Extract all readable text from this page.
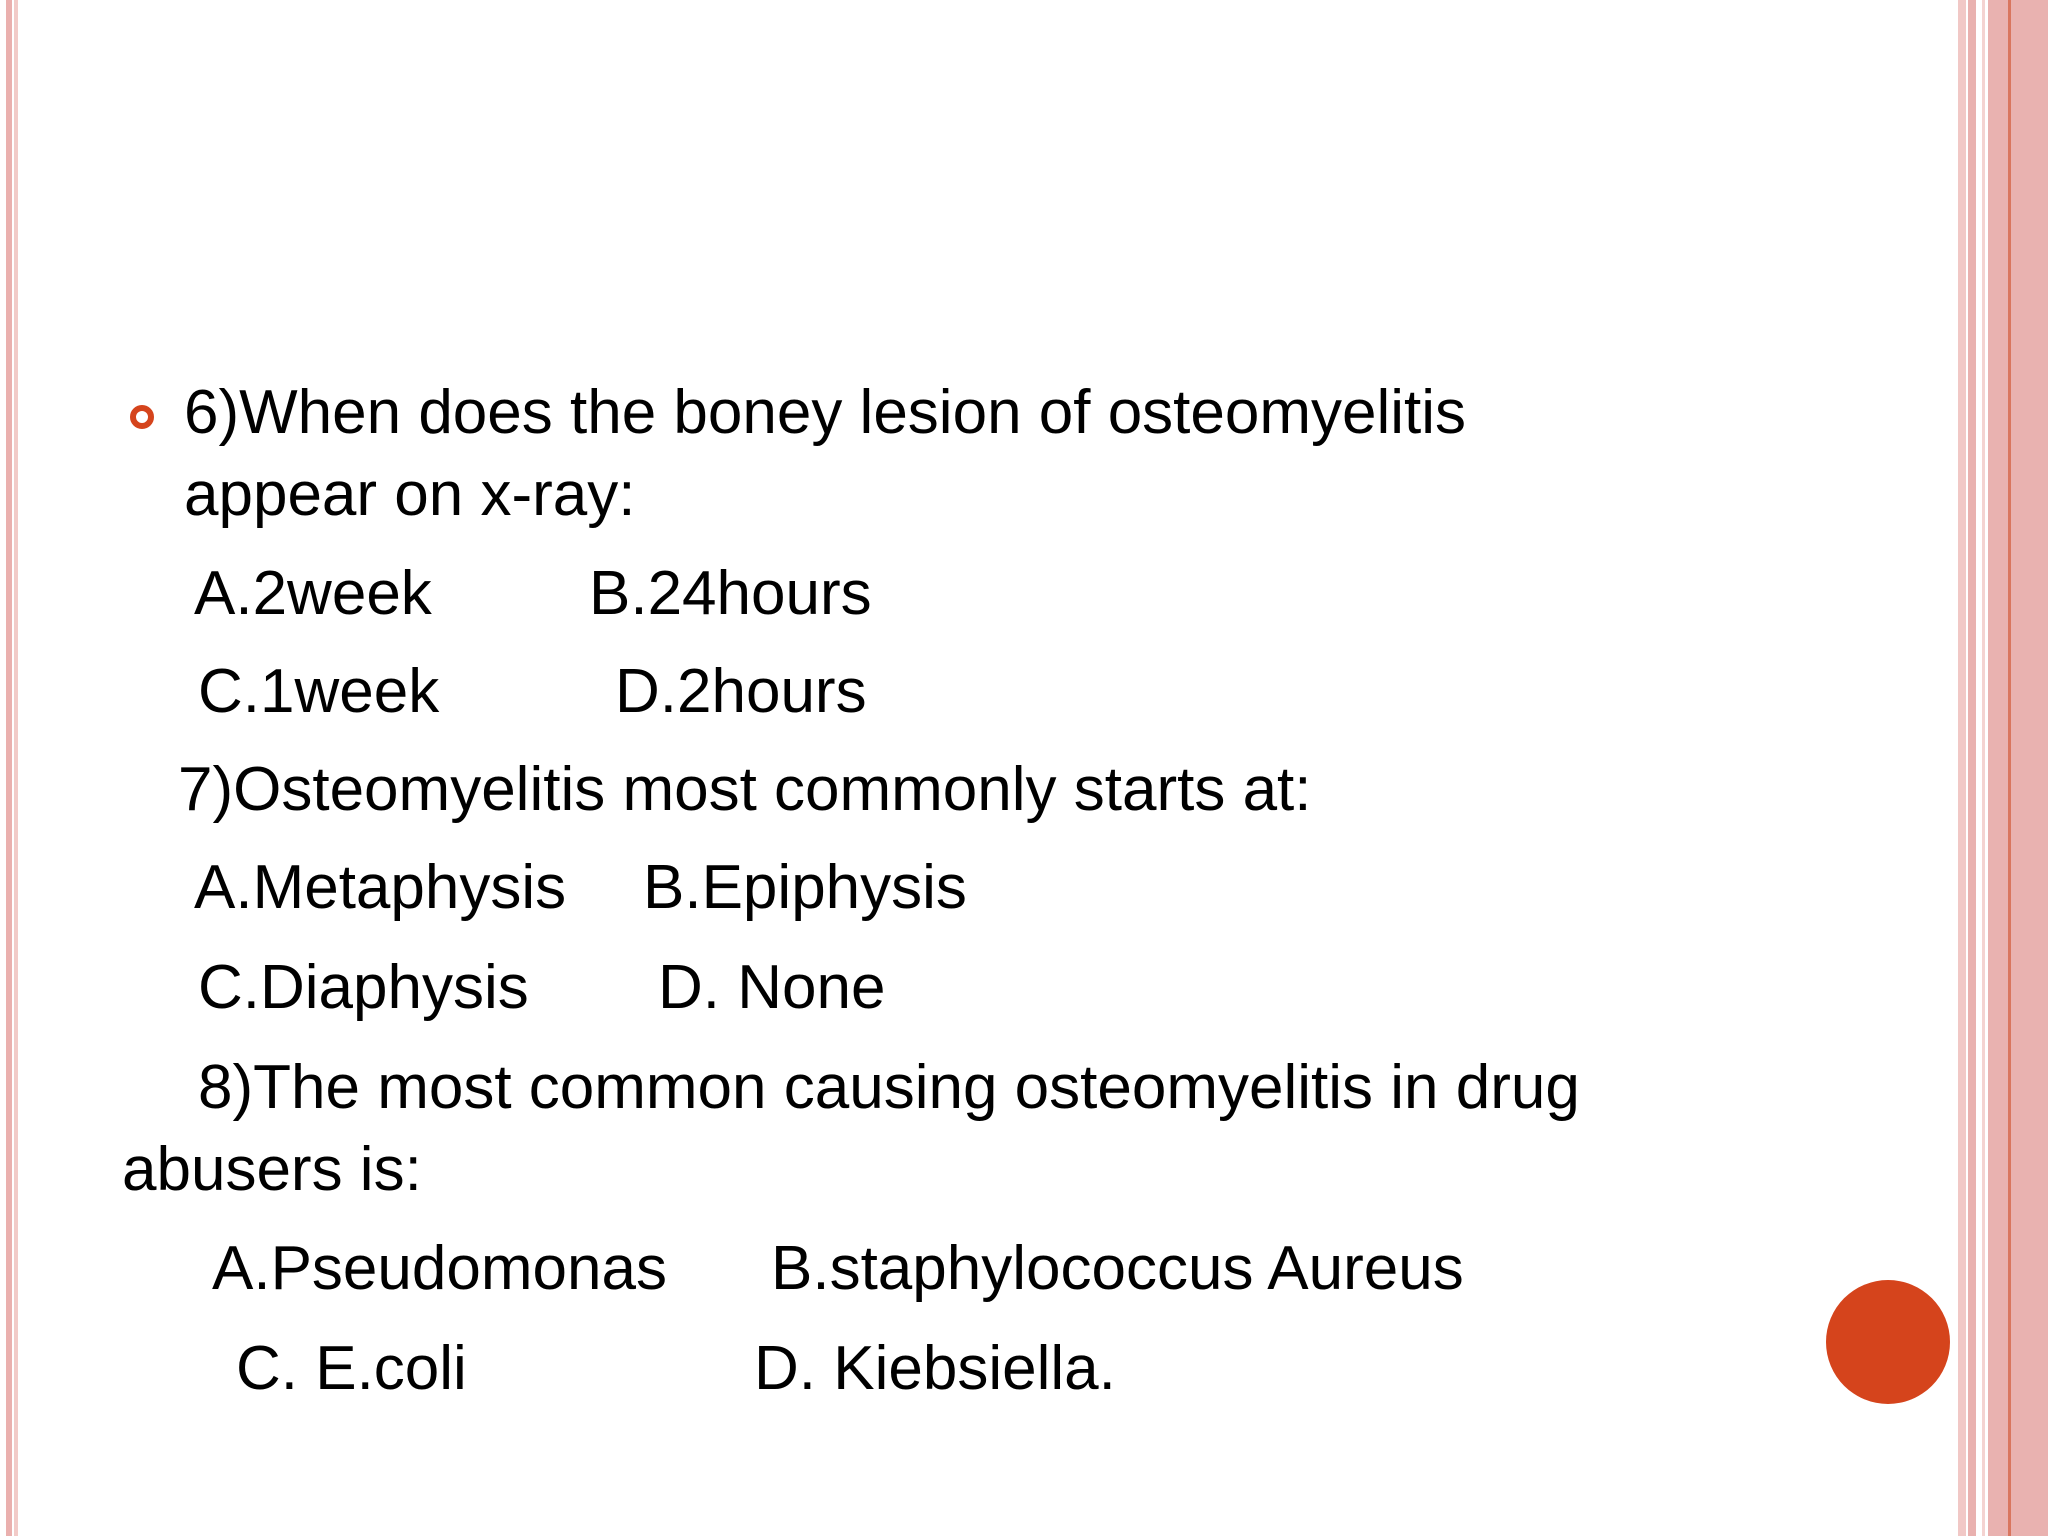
6)When does the boney lesion of osteomyelitis
appear on x-ray:
A.2week	B.24hours
C.1week	D.2hours
7)Osteomyelitis most commonly starts at:
A.Metaphysis B.Epiphysis
C.Diaphysis D. None
8)The most common causing osteomyelitis in drug
abusers is:
A.Pseudomonas B.staphylococcus Aureus
C. E.coli	D. Kiebsiella.
